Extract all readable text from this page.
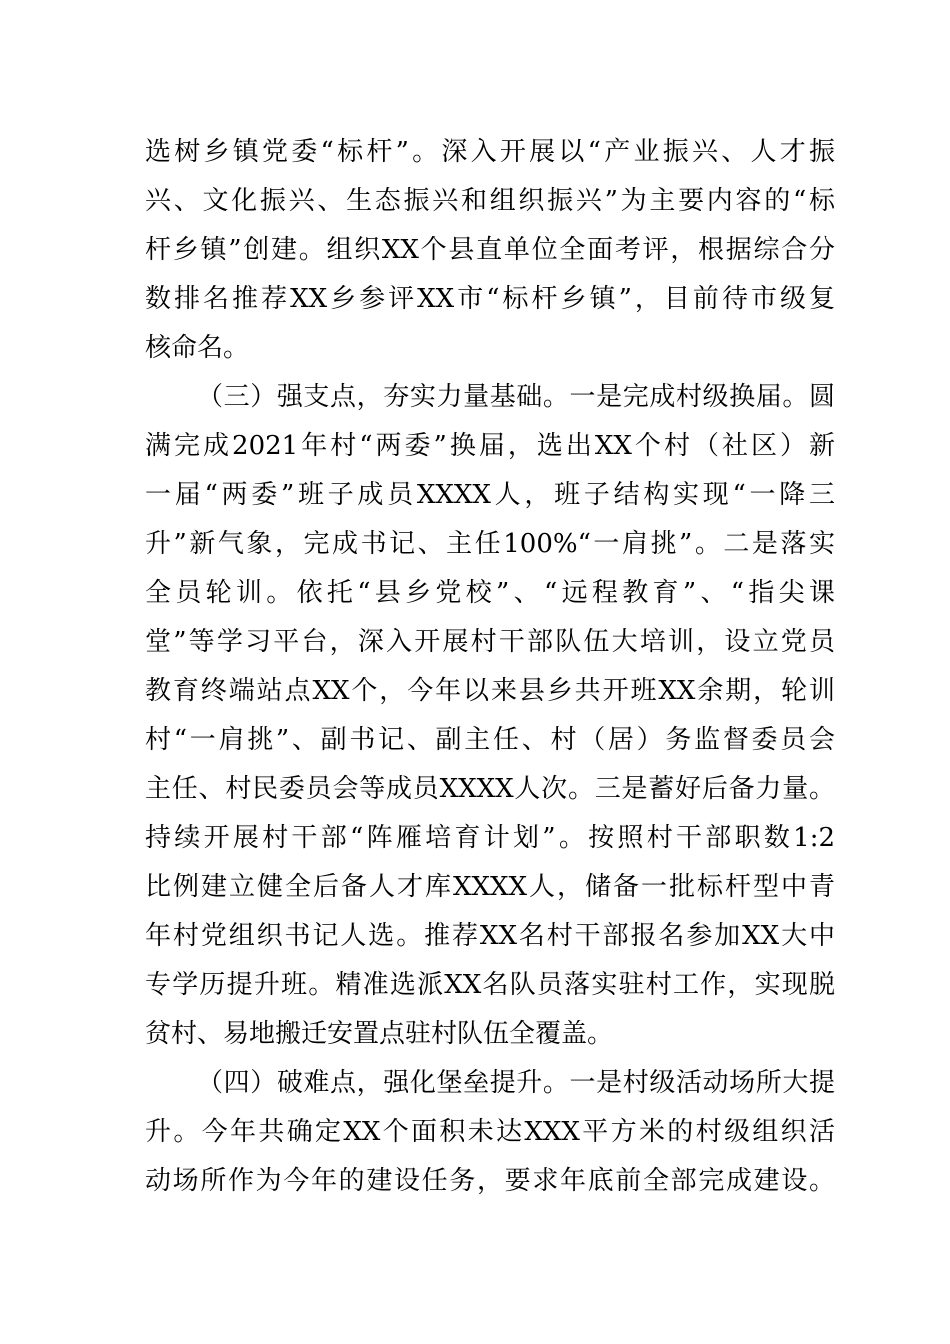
选树乡镇党委“标杆”。深入开展以“产业振兴、人才振
兴、文化振兴、生态振兴和组织振兴”为主要内容的“标
杆乡镇”创建。组织XX个县直单位全面考评，根据综合分
数排名推荐XX乡参评XX市“标杆乡镇”，目前待市级复
核命名。
（三）强支点，夯实力量基础。一是完成村级换届。圆
满完成2021年村“两委”换届，选出XX个村（社区）新
一届“两委”班子成员XXXX人，班子结构实现“一降三
升”新气象，完成书记、主任100%“一肩挑”。二是落实
全员轮训。依托“县乡党校”、“远程教育”、“指尖课
堂”等学习平台，深入开展村干部队伍大培训，设立党员
教育终端站点XX个，今年以来县乡共开班XX余期，轮训
村“一肩挑”、副书记、副主任、村（居）务监督委员会
主任、村民委员会等成员XXXX人次。三是蓄好后备力量。
持续开展村干部“阵雁培育计划”。按照村干部职数1:2
比例建立健全后备人才库XXXX人，储备一批标杆型中青
年村党组织书记人选。推荐XX名村干部报名参加XX大中
专学历提升班。精准选派XX名队员落实驻村工作，实现脱
贫村、易地搬迁安置点驻村队伍全覆盖。
（四）破难点，强化堡垒提升。一是村级活动场所大提
升。今年共确定XX个面积未达XXX平方米的村级组织活
动场所作为今年的建设任务，要求年底前全部完成建设。
